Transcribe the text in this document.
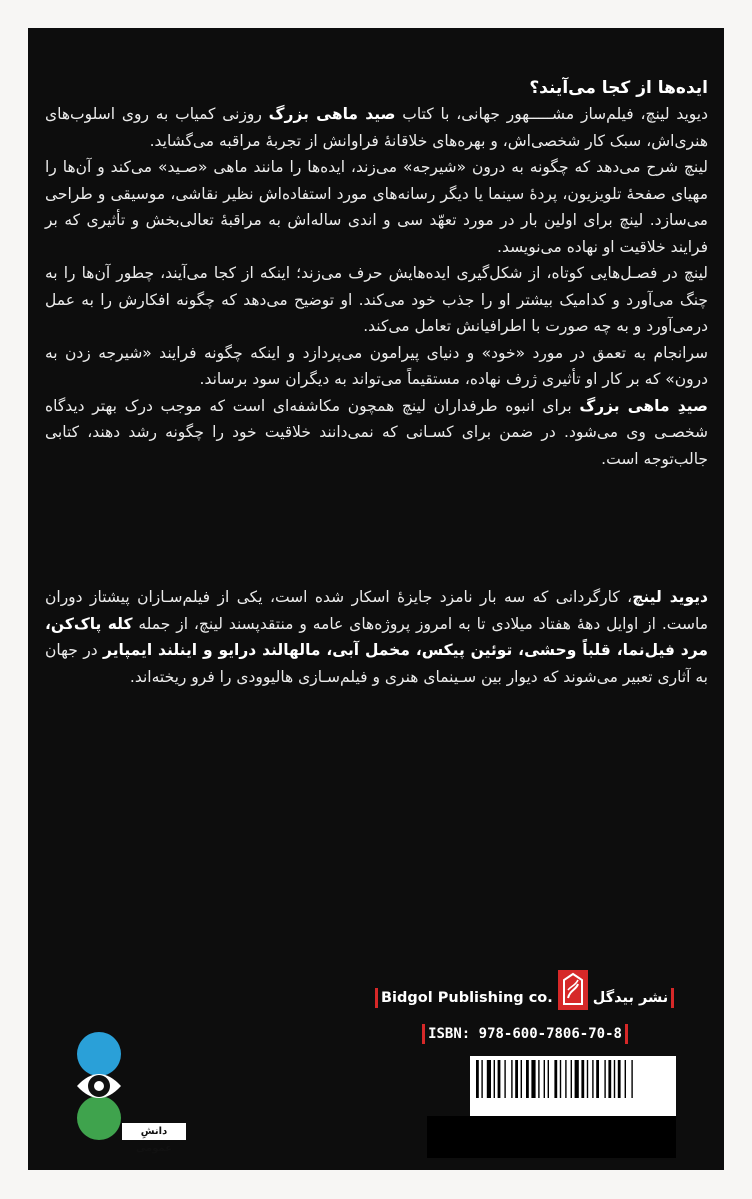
ایده‌ها از کجا می‌آیند؟

دیوید لینچ، فیلم‌ساز مشـــــهور جهانی، با کتاب صید ماهی بزرگ روزنی کمیاب به روی اسلوب‌های هنری‌اش، سبک کار شخصی‌اش، و بهره‌های خلاقانهٔ فراوانش از تجربهٔ مراقبه می‌گشاید.

لینچ شرح می‌دهد که چگونه به درون «شیرجه» می‌زند، ایده‌ها را مانند ماهی «صـید» می‌کند و آن‌ها را مهیای صفحهٔ تلویزیون، پردهٔ سینما یا دیگر رسانه‌های مورد استفاده‌اش نظیر نقاشی، موسیقی و طراحی می‌سازد. لینچ برای اولین بار در مورد تعهّد سی و اندی ساله‌اش به مراقبهٔ تعالی‌بخش و تأثیری که بر فرایند خلاقیت او نهاده می‌نویسد.

لینچ در فصـل‌هایی کوتاه، از شکل‌گیری ایده‌هایش حرف می‌زند؛ اینکه از کجا می‌آیند، چطور آن‌ها را به چنگ می‌آورد و کدامیک بیشتر او را جذب خود می‌کند. او توضیح می‌دهد که چگونه افکارش را به عمل درمی‌آورد و به چه صورت با اطرافیانش تعامل می‌کند.

سرانجام به تعمق در مورد «خود» و دنیای پیرامون می‌پردازد و اینکه چگونه فرایند «شیرجه زدن به درون» که بر کار او تأثیری ژرف نهاده، مستقیماً می‌تواند به دیگران سود برساند.

صیدِ ماهی بزرگ برای انبوه طرفداران لینچ همچون مکاشفه‌ای است که موجب درک بهتر دیدگاه شخصـی وی می‌شود. در ضمن برای کسـانی که نمی‌دانند خلاقیت خود را چگونه رشد دهند، کتابی جالب‌توجه است.

دیوید لینچ، کارگردانی که سه بار نامزد جایزهٔ اسکار شده است، یکی از فیلم‌سـازان پیشتاز دوران ماست. از اوایل دههٔ هفتاد میلادی تا به امروز پروژه‌های عامه و منتقدپسند لینچ، از جمله کله پاک‌کن، مرد فیل‌نما، قلباً وحشی، توئین پیکس، مخمل آبی، مالهالند درایو و اینلند ایمپایر در جهان به آثاری تعبیر می‌شوند که دیوار بین سـینمای هنری و فیلم‌سـازی هالیوودی را فرو ریخته‌اند.

Bidgol Publishing co.	نشر بیدگل
ISBN: 978-600-7806-70-8
دانشِ عمومی
